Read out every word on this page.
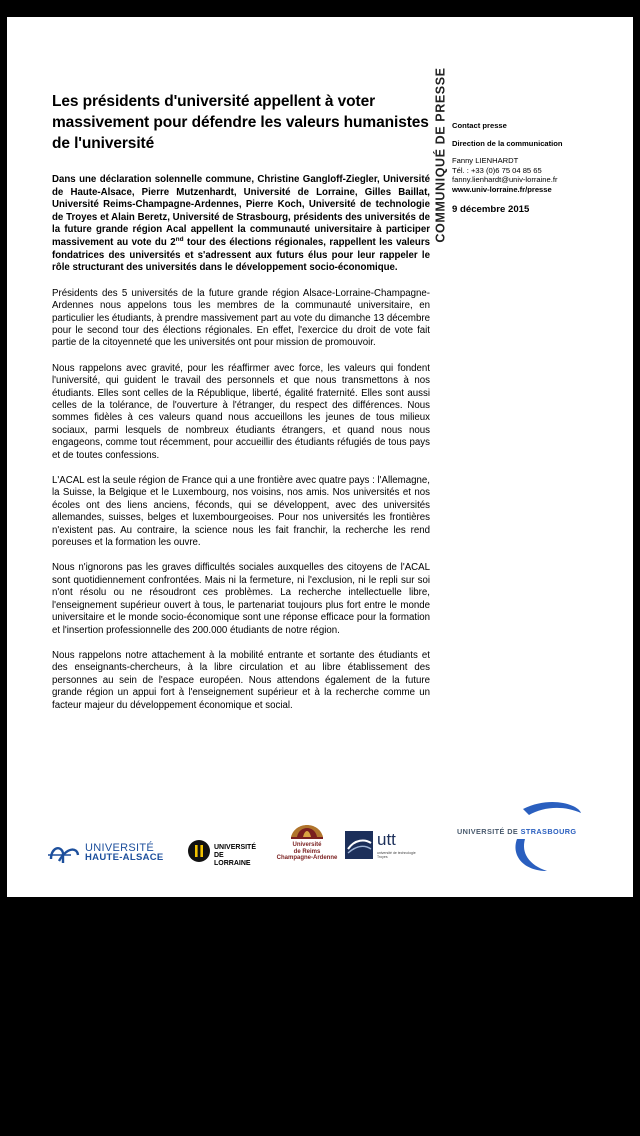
Les présidents d'université appellent à voter massivement pour défendre les valeurs humanistes de l'université

Dans une déclaration solennelle commune, Christine Gangloff-Ziegler, Université de Haute-Alsace, Pierre Mutzenhardt, Université de Lorraine, Gilles Baillat, Université Reims-Champagne-Ardennes, Pierre Koch, Université de technologie de Troyes et Alain Beretz, Université de Strasbourg, présidents des universités de la future grande région Acal appellent la communauté universitaire à participer massivement au vote du 2nd tour des élections régionales, rappellent les valeurs fondatrices des universités et s'adressent aux futurs élus pour leur rappeler le rôle structurant des universités dans le développement socio-économique.

Présidents des 5 universités de la future grande région Alsace-Lorraine-Champagne-Ardennes nous appelons tous les membres de la communauté universitaire, en particulier les étudiants, à prendre massivement part au vote du dimanche 13 décembre pour le second tour des élections régionales. En effet, l'exercice du droit de vote fait partie de la citoyenneté que les universités ont pour mission de promouvoir.

Nous rappelons avec gravité, pour les réaffirmer avec force, les valeurs qui fondent l'université, qui guident le travail des personnels et que nous transmettons à nos étudiants. Elles sont celles de la République, liberté, égalité fraternité. Elles sont aussi celles de la tolérance, de l'ouverture à l'étranger, du respect des différences. Nous sommes fidèles à ces valeurs quand nous accueillons les jeunes de tous milieux sociaux, parmi lesquels de nombreux étudiants étrangers, et quand nous nous engageons, comme tout récemment, pour accueillir des étudiants réfugiés de tous pays et de toutes confessions.

L'ACAL est la seule région de France qui a une frontière avec quatre pays : l'Allemagne, la Suisse, la Belgique et le Luxembourg, nos voisins, nos amis. Nos universités et nos écoles ont des liens anciens, féconds, qui se développent, avec des universités allemandes, suisses, belges et luxembourgeoises. Pour nos universités les frontières n'existent pas. Au contraire, la science nous les fait franchir, la recherche les rend poreuses et la formation les ouvre.

Nous n'ignorons pas les graves difficultés sociales auxquelles des citoyens de l'ACAL sont quotidiennement confrontées. Mais ni la fermeture, ni l'exclusion, ni le repli sur soi n'ont résolu ou ne résoudront ces problèmes. La recherche intellectuelle libre, l'enseignement supérieur ouvert à tous, le partenariat toujours plus fort entre le monde universitaire et le monde socio-économique sont une réponse efficace pour la formation et l'insertion professionnelle des 200.000 étudiants de notre région.

Nous rappelons notre attachement à la mobilité entrante et sortante des étudiants et des enseignants-chercheurs, à la libre circulation et au libre établissement des personnes au sein de l'espace européen. Nous attendons également de la future grande région un appui fort à l'enseignement supérieur et à la recherche comme un facteur majeur du développement économique et social.

COMMUNIQUÉ DE PRESSE Contact presse
Direction de la communication
Fanny LIENHARDT
Tél. : +33 (0)6 75 04 85 65
fanny.lienhardt@univ-lorraine.fr
www.univ-lorraine.fr/presse
9 décembre 2015
UNIVERSITÉ
HAUTE-ALSACE
UNIVERSITÉ
DE LORRAINE
Université
de Reims
Champagne-Ardenne
utt
université de technologie Troyes
UNIVERSITÉ DE STRASBOURG
